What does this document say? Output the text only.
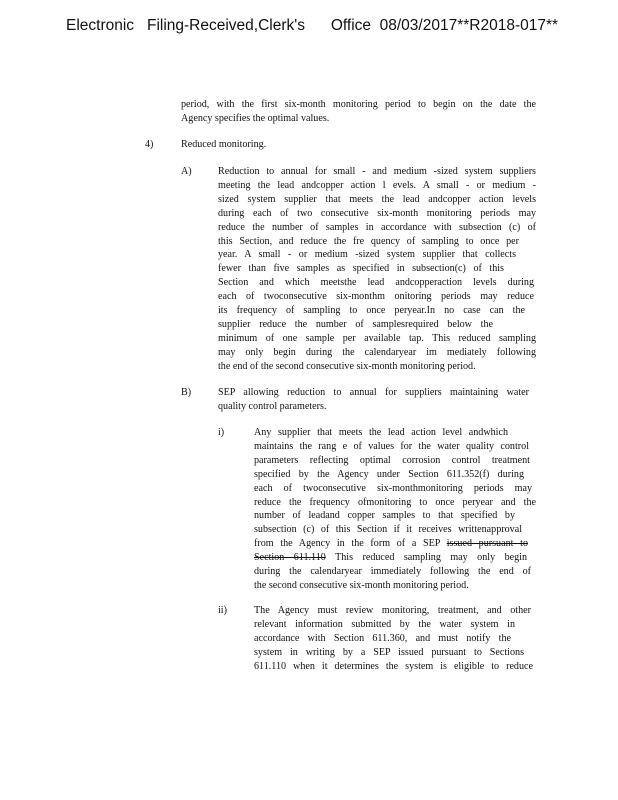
Electronic   Filing-Received,Clerk's      Office  08/03/2017**R2018-017**
period, with the first six-month monitoring period to begin on the date the
Agency specifies the optimal values.
4)	Reduced monitoring.
A)	Reduction to annual for small - and medium -sized system suppliers
meeting the lead andcopper action l evels. A small - or medium -
sized system supplier that meets the lead andcopper action levels
during each of two consecutive six-month monitoring periods may
reduce the number of samples in accordance with subsection (c) of
this Section, and reduce the fre quency of sampling to once per
year. A small - or medium -sized system supplier that collects
fewer than five samples as specified in subsection(c) of this
Section and which meetsthe lead andcopperaction levels during
each of twoconsecutive six-monthm onitoring periods may reduce
its frequency of sampling to once peryear.In no case can the
supplier reduce the number of samplesrequired below the
minimum of one sample per available tap. This reduced sampling
may only begin during the calendaryear im mediately following
the end of the second consecutive six-month monitoring period.
B)	SEP allowing reduction to annual for suppliers maintaining water
quality control parameters.
i)	Any supplier that meets the lead action level andwhich
maintains the rang e of values for the water quality control
parameters reflecting optimal corrosion control treatment
specified by the Agency under Section 611.352(f) during
each of twoconsecutive six-monthmonitoring periods may
reduce the frequency ofmonitoring to once peryear and the
number of leadand copper samples to that specified by
subsection (c) of this Section if it receives writtenapproval
from the Agency in the form of a SEP issued pursuant to
Section 611.110 This reduced sampling may only begin
during the calendaryear immediately following the end of
the second consecutive six-month monitoring period.
ii)	The Agency must review monitoring, treatment, and other
relevant information submitted by the water system in
accordance with Section 611.360, and must notify the
system in writing by a SEP issued pursuant to Sections
611.110 when it determines the system is eligible to reduce
